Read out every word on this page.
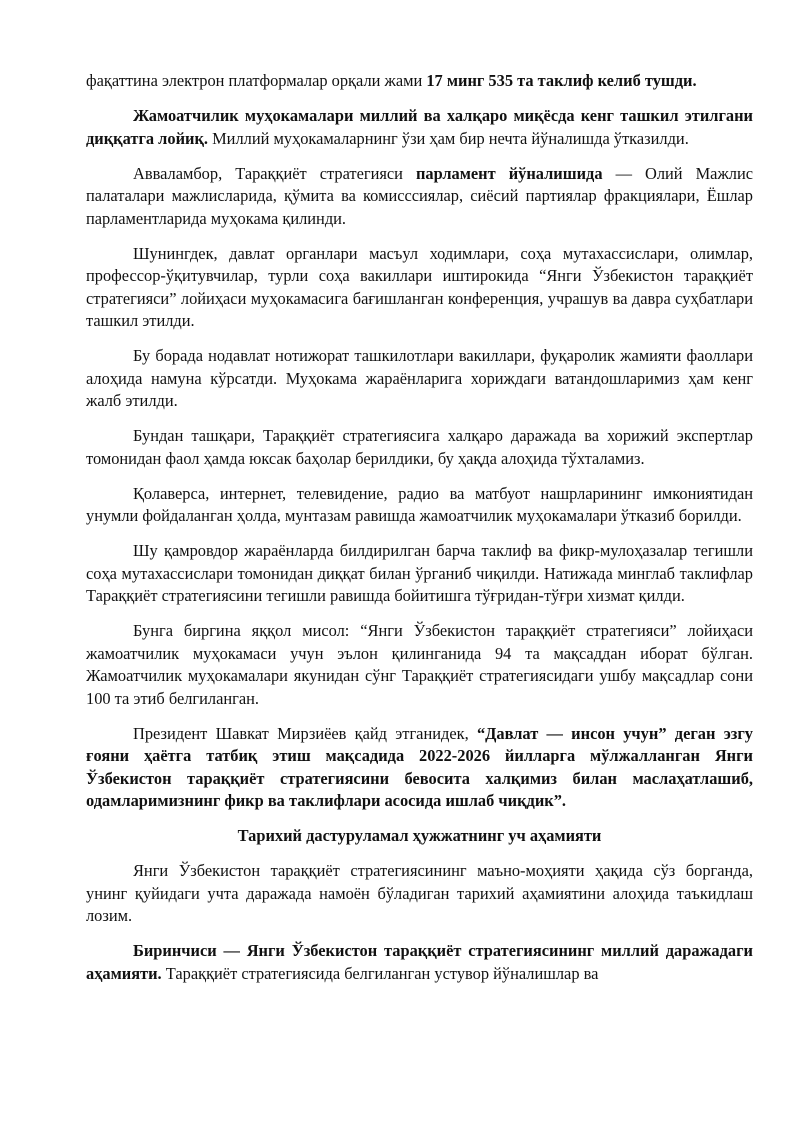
фақаттина электрон платформалар орқали жами 17 минг 535 та таклиф келиб тушди.

Жамоатчилик муҳокамалари миллий ва халқаро миқёсда кенг ташкил этилгани диққатга лойиқ. Миллий муҳокамаларнинг ўзи ҳам бир нечта йўналишда ўтказилди.

Авваламбор, Тараққиёт стратегияси парламент йўналишида — Олий Мажлис палаталари мажлисларида, қўмита ва комисссиялар, сиёсий партиялар фракциялари, Ёшлар парламентларида муҳокама қилинди.

Шунингдек, давлат органлари масъул ходимлари, соҳа мутахассислари, олимлар, профессор-ўқитувчилар, турли соҳа вакиллари иштирокида “Янги Ўзбекистон тараққиёт стратегияси” лойиҳаси муҳокамасига бағишланган конференция, учрашув ва давра суҳбатлари ташкил этилди.

Бу борада нодавлат нотижорат ташкилотлари вакиллари, фуқаролик жамияти фаоллари алоҳида намуна кўрсатди. Муҳокама жараёнларига хориждаги ватандошларимиз ҳам кенг жалб этилди.

Бундан ташқари, Тараққиёт стратегиясига халқаро даражада ва хорижий экспертлар томонидан фаол ҳамда юксак баҳолар берилдики, бу ҳақда алоҳида тўхталамиз.

Қолаверса, интернет, телевидение, радио ва матбуот нашрларининг имкониятидан унумли фойдаланган ҳолда, мунтазам равишда жамоатчилик муҳокамалари ўтказиб борилди.

Шу қамровдор жараёнларда билдирилган барча таклиф ва фикр-мулоҳазалар тегишли соҳа мутахассислари томонидан диққат билан ўрганиб чиқилди. Натижада минглаб таклифлар Тараққиёт стратегиясини тегишли равишда бойитишга тўғридан-тўғри хизмат қилди.

Бунга биргина яққол мисол: “Янги Ўзбекистон тараққиёт стратегияси” лойиҳаси жамоатчилик муҳокамаси учун эълон қилинганида 94 та мақсаддан иборат бўлган. Жамоатчилик муҳокамалари якунидан сўнг Тараққиёт стратегиясидаги ушбу мақсадлар сони 100 та этиб белгиланган.

Президент Шавкат Мирзиёев қайд этганидек, “Давлат — инсон учун” деган эзгу ғояни ҳаётга татбиқ этиш мақсадида 2022-2026 йилларга мўлжалланган Янги Ўзбекистон тараққиёт стратегиясини бевосита халқимиз билан маслаҳатлашиб, одамларимизнинг фикр ва таклифлари асосида ишлаб чиқдик”.

Тарихий дастуруламал ҳужжатнинг уч аҳамияти

Янги Ўзбекистон тараққиёт стратегиясининг маъно-моҳияти ҳақида сўз борганда, унинг қуйидаги учта даражада намоён бўладиган тарихий аҳамиятини алоҳида таъкидлаш лозим.

Биринчиси — Янги Ўзбекистон тараққиёт стратегиясининг миллий даражадаги аҳамияти. Тараққиёт стратегиясида белгиланган устувор йўналишлар ва
